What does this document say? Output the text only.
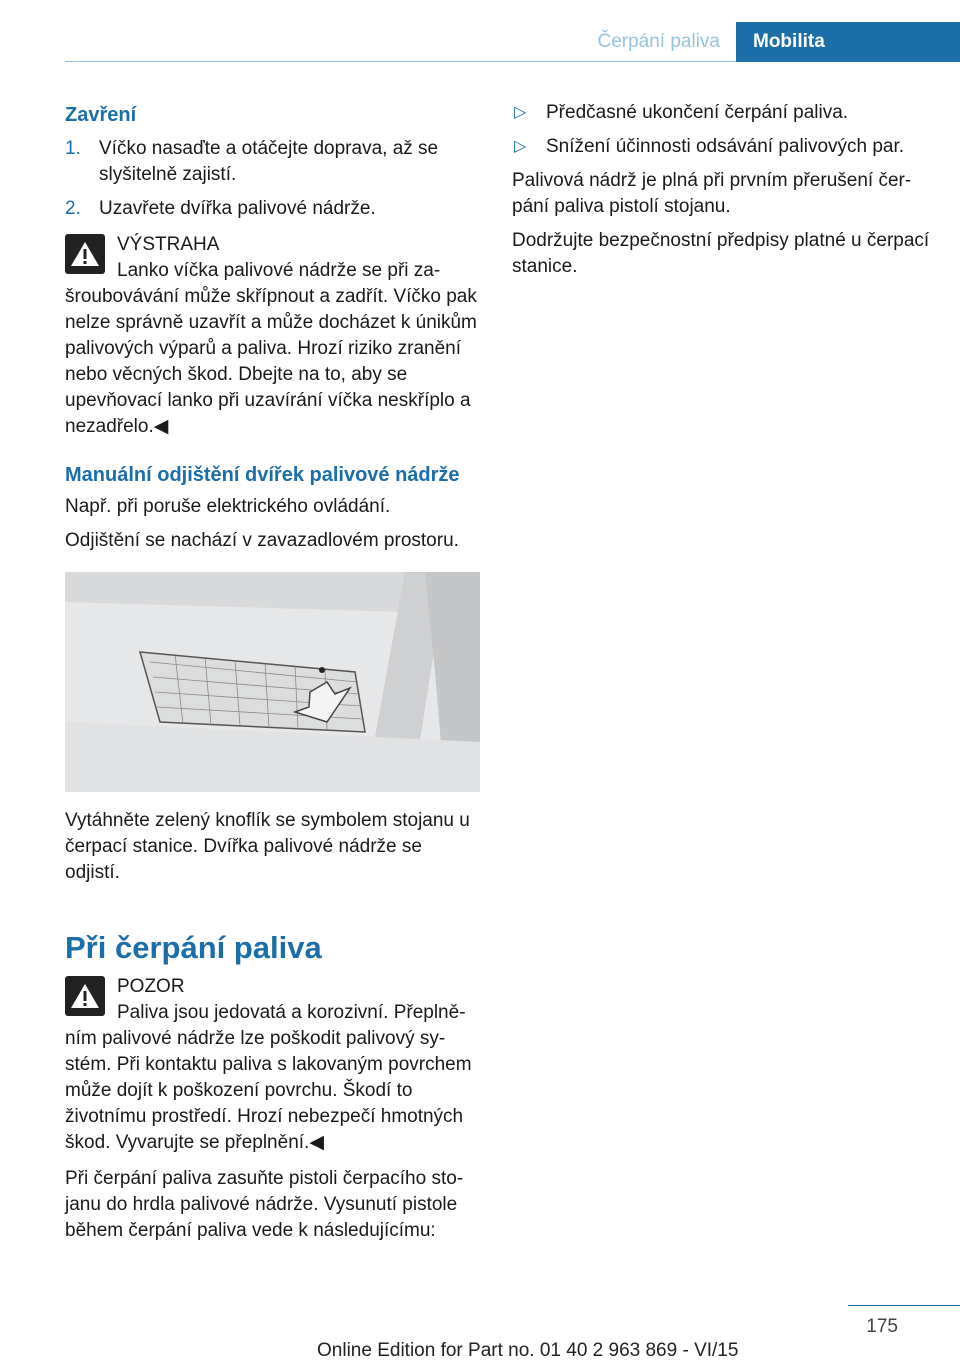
Čerpání paliva	Mobilita
Zavření
1. Víčko nasaďte a otáčejte doprava, až se slyšitelně zajistí.
2. Uzavřete dvířka palivové nádrže.

VÝSTRAHA

Lanko víčka palivové nádrže se při zašroubovávání může skřípnout a zadřít. Víčko pak nelze správně uzavřít a může docházet k únikům palivových výparů a paliva. Hrozí riziko zranění nebo věcných škod. Dbejte na to, aby se upevňovací lanko při uzavírání víčka neskříplo a nezadřelo.◀

Manuální odjištění dvířek palivové nádrže

Např. při poruše elektrického ovládání.

Odjištění se nachází v zavazadlovém prostoru.

Vytáhněte zelený knoflík se symbolem stojanu u čerpací stanice. Dvířka palivové nádrže se odjistí.

Při čerpání paliva

POZOR

Paliva jsou jedovatá a korozivní. Přeplněním palivové nádrže lze poškodit palivový systém. Při kontaktu paliva s lakovaným povrchem může dojít k poškození povrchu. Škodí to životnímu prostředí. Hrozí nebezpečí hmotných škod. Vyvarujte se přeplnění.◀

Při čerpání paliva zasuňte pistoli čerpacího stojanu do hrdla palivové nádrže. Vysunutí pistole během čerpání paliva vede k následujícímu:

▷ Předčasné ukončení čerpání paliva.
▷ Snížení účinnosti odsávání palivových par.

Palivová nádrž je plná při prvním přerušení čerpání paliva pistolí stojanu.

Dodržujte bezpečnostní předpisy platné u čerpací stanice.

175
Online Edition for Part no. 01 40 2 963 869 - VI/15
